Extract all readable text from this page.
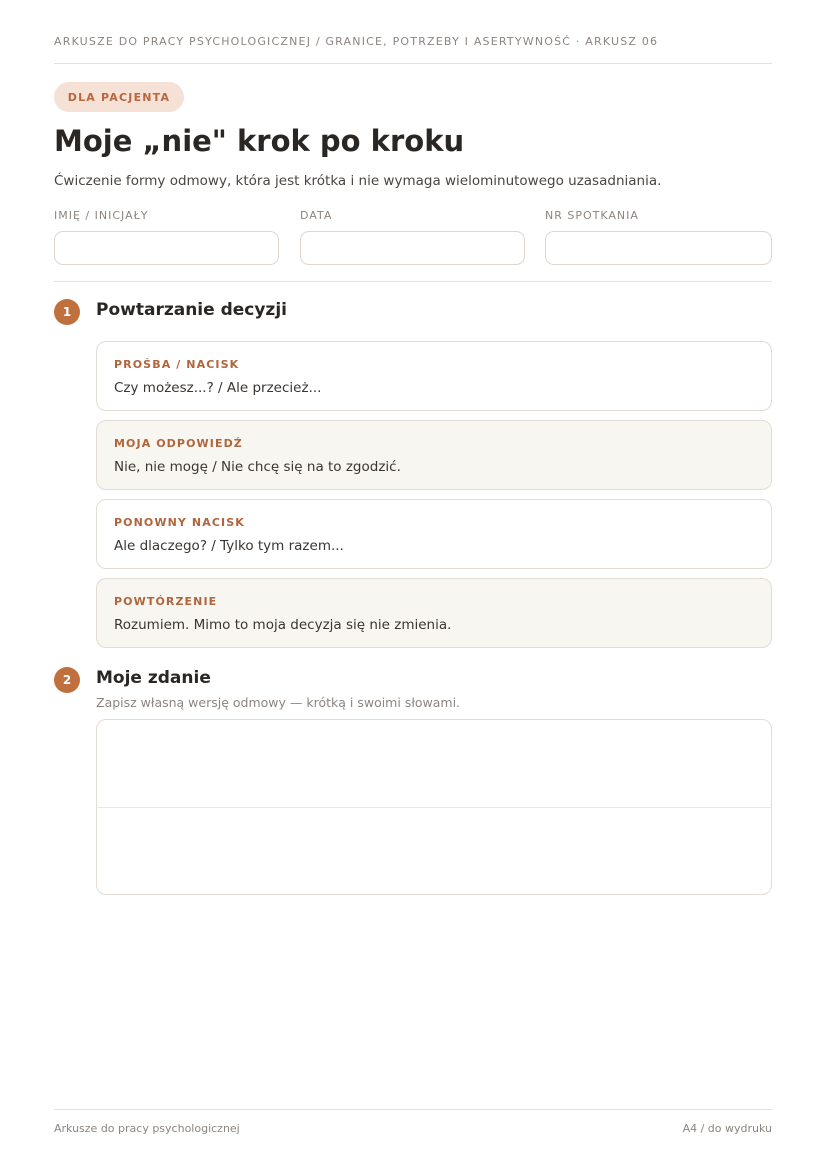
ARKUSZE DO PRACY PSYCHOLOGICZNEJ / GRANICE, POTRZEBY I ASERTYWNOŚĆ · ARKUSZ 06
DLA PACJENTA
Moje „nie" krok po kroku
Ćwiczenie formy odmowy, która jest krótka i nie wymaga wielominutowego uzasadniania.
IMIĘ / INICJAŁY	DATA	NR SPOTKANIA
1	Powtarzanie decyzji
PROŚBA / NACISK
Czy możesz...? / Ale przecież...
MOJA ODPOWIEDŹ
Nie, nie mogę / Nie chcę się na to zgodzić.
PONOWNY NACISK
Ale dlaczego? / Tylko tym razem...
POWTÓRZENIE
Rozumiem. Mimo to moja decyzja się nie zmienia.
2	Moje zdanie
Zapisz własną wersję odmowy — krótką i swoimi słowami.
Arkusze do pracy psychologicznej	A4 / do wydruku
